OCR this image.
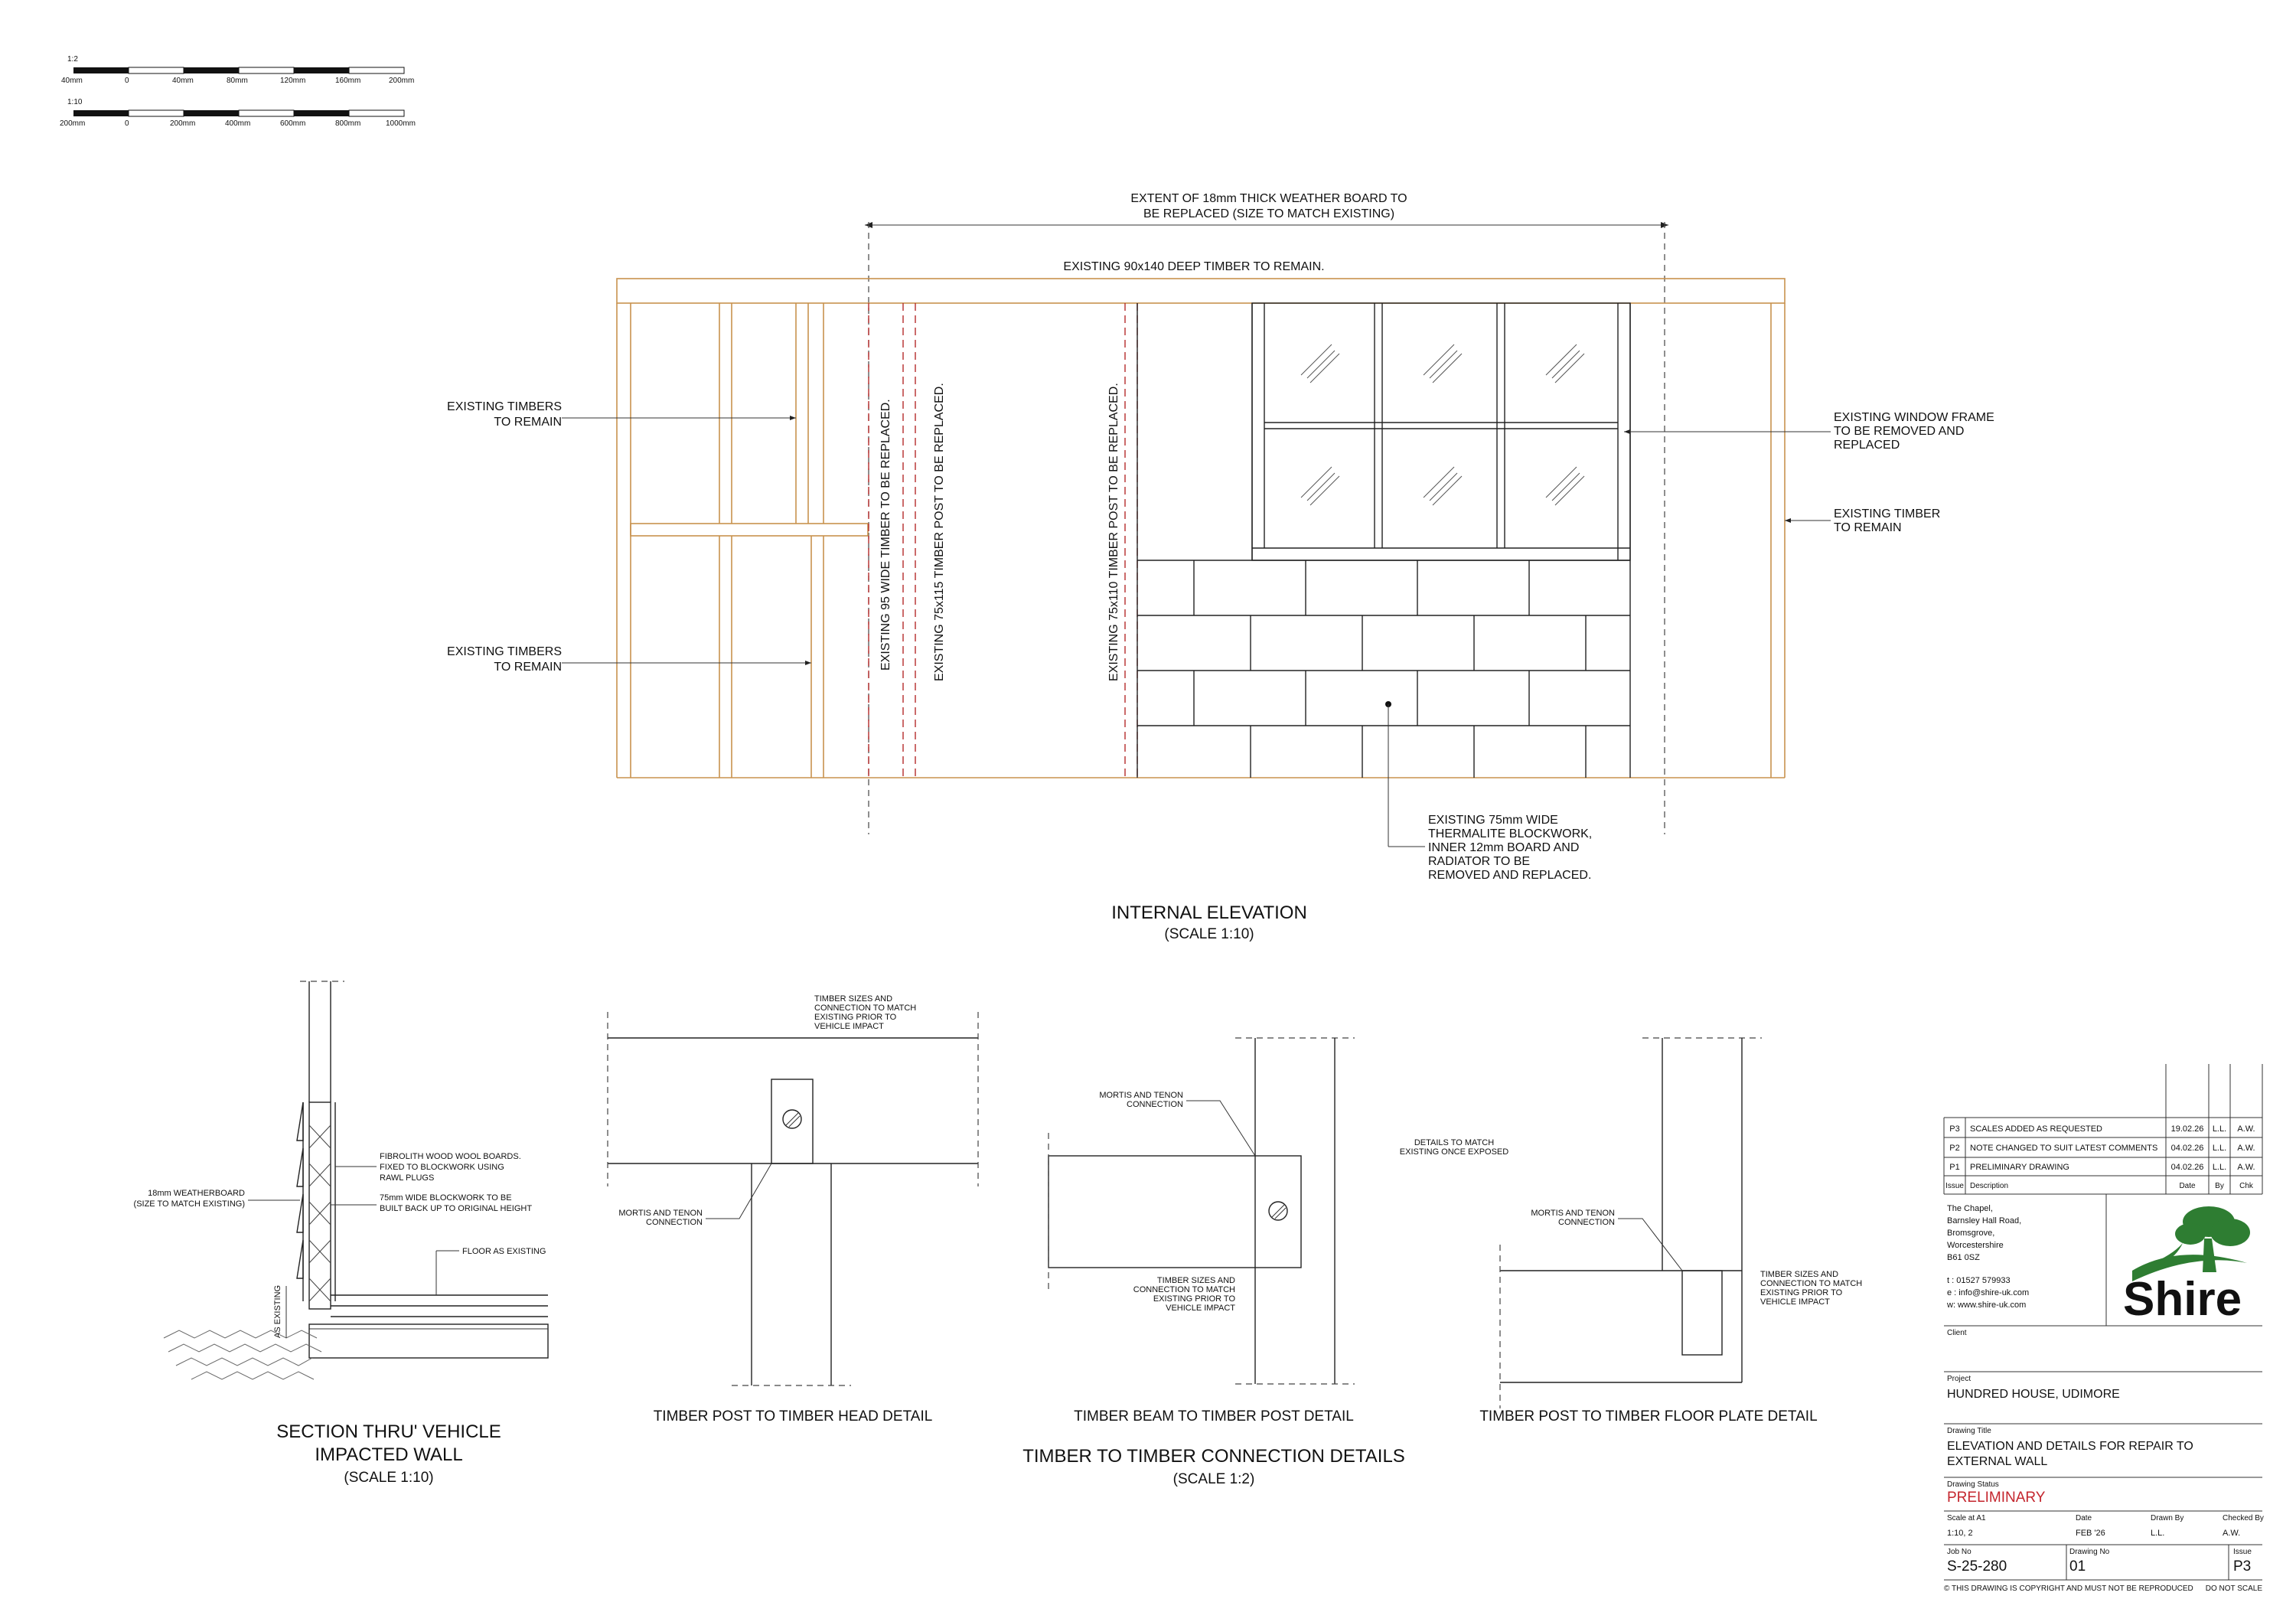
1:2
40mm	0	40mm	80mm	120mm	160mm	200mm
1:10
200mm	0	200mm	400mm	600mm	800mm	1000mm
EXTENT OF 18mm THICK WEATHER BOARD TO
BE REPLACED (SIZE TO MATCH EXISTING)
EXISTING 90x140 DEEP TIMBER TO REMAIN.
EXISTING 95 WIDE TIMBER TO BE REPLACED.	EXISTING 75x115 TIMBER POST TO BE REPLACED.	EXISTING 75x110 TIMBER POST TO BE REPLACED.
EXISTING TIMBERS
TO REMAIN
EXISTING TIMBERS
TO REMAIN
EXISTING WINDOW FRAME
TO BE REMOVED AND
REPLACED
EXISTING TIMBER
TO REMAIN
EXISTING 75mm WIDE
THERMALITE BLOCKWORK,
INNER 12mm BOARD AND
RADIATOR TO BE
REMOVED AND REPLACED.
INTERNAL ELEVATION
(SCALE 1:10)
AS EXISTING
FIBROLITH WOOD WOOL BOARDS.
FIXED TO BLOCKWORK USING
RAWL PLUGS
18mm WEATHERBOARD
(SIZE TO MATCH EXISTING)
75mm WIDE BLOCKWORK TO BE
BUILT BACK UP TO ORIGINAL HEIGHT
FLOOR AS EXISTING
SECTION THRU' VEHICLE
IMPACTED WALL
(SCALE 1:10)
TIMBER SIZES AND
CONNECTION TO MATCH
EXISTING PRIOR TO
VEHICLE IMPACT
MORTIS AND TENON
CONNECTION
TIMBER POST TO TIMBER HEAD DETAIL
MORTIS AND TENON
CONNECTION
TIMBER SIZES AND
CONNECTION TO MATCH
EXISTING PRIOR TO
VEHICLE IMPACT
TIMBER BEAM TO TIMBER POST DETAIL
DETAILS TO MATCH
EXISTING ONCE EXPOSED
MORTIS AND TENON
CONNECTION
TIMBER SIZES AND
CONNECTION TO MATCH
EXISTING PRIOR TO
VEHICLE IMPACT
TIMBER POST TO TIMBER FLOOR PLATE DETAIL
TIMBER TO TIMBER CONNECTION DETAILS
(SCALE 1:2)
P3 SCALES ADDED AS REQUESTED	19.02.26 L.L. A.W.
P2 NOTE CHANGED TO SUIT LATEST COMMENTS 04.02.26 L.L. A.W.
P1 PRELIMINARY DRAWING	04.02.26 L.L. A.W.
Issue Description	Date	By Chk
The Chapel,
Barnsley Hall Road,
Bromsgrove,
Worcestershire
B61 0SZ
t : 01527 579933
e : info@shire-uk.com
w: www.shire-uk.com Shire
Client
Project
HUNDRED HOUSE, UDIMORE
Drawing Title
ELEVATION AND DETAILS FOR REPAIR TO
EXTERNAL WALL
Drawing Status
PRELIMINARY
Scale at A1	Date	Drawn By	Checked By
1:10, 2	FEB '26	L.L.	A.W.
Job No	Drawing No	Issue
S-25-280	01	P3
© THIS DRAWING IS COPYRIGHT AND MUST NOT BE REPRODUCED DO NOT SCALE
